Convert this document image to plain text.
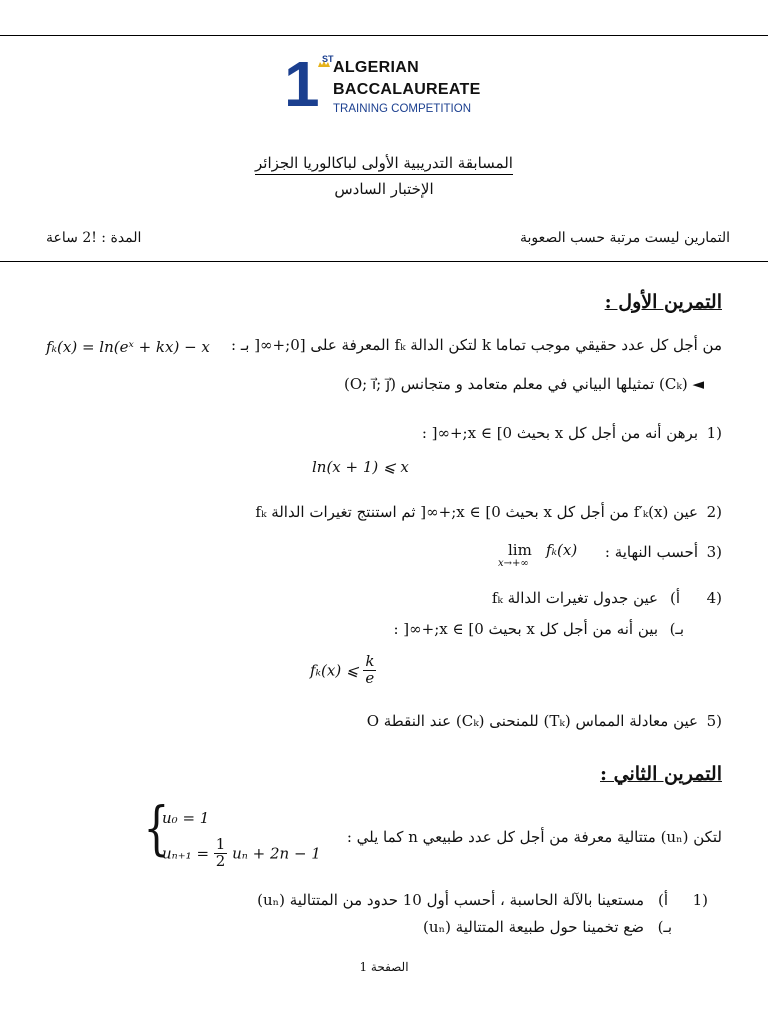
1 ST ALGERIAN
BACCALAUREATE
TRAINING COMPETITION
المسابقة التدريبية الأولى لباكالوريا الجزائر
الإختبار السادس
التمارين ليست مرتبة حسب الصعوبة
المدة : !2 ساعة
التمرين الأول :
من أجل كل عدد حقيقي موجب تماما k لتكن الدالة fₖ المعرفة على [0;+∞[ بـ :
fₖ(x) = ln(eˣ + kx) − x
◄ (Cₖ) تمثيلها البياني في معلم متعامد و متجانس (O; i⃗; j⃗)
1)
برهن أنه من أجل كل x بحيث x ∈ [0;+∞[ :
ln(x + 1) ⩽ x
2)
عين f′ₖ(x) من أجل كل x بحيث x ∈ [0;+∞[ ثم استنتج تغيرات الدالة fₖ
3)
أحسب النهاية :
lim
x→+∞
fₖ(x)
4)
أ)
عين جدول تغيرات الدالة fₖ
بـ)
بين أنه من أجل كل x بحيث x ∈ [0;+∞[ :
fₖ(x) ⩽ $\frac{k}{e}$
5)
عين معادلة المماس (Tₖ) للمنحنى (Cₖ) عند النقطة O
التمرين الثاني :
لتكن (uₙ) متتالية معرفة من أجل كل عدد طبيعي n كما يلي :
{
u₀ = 1
$u_{n+1} = \frac{1}{2}$ uₙ + 2n − 1
1)
أ)
مستعينا بالآلة الحاسبة ، أحسب أول 10 حدود من المتتالية (uₙ)
بـ)
ضع تخمينا حول طبيعة المتتالية (uₙ)
الصفحة 1
